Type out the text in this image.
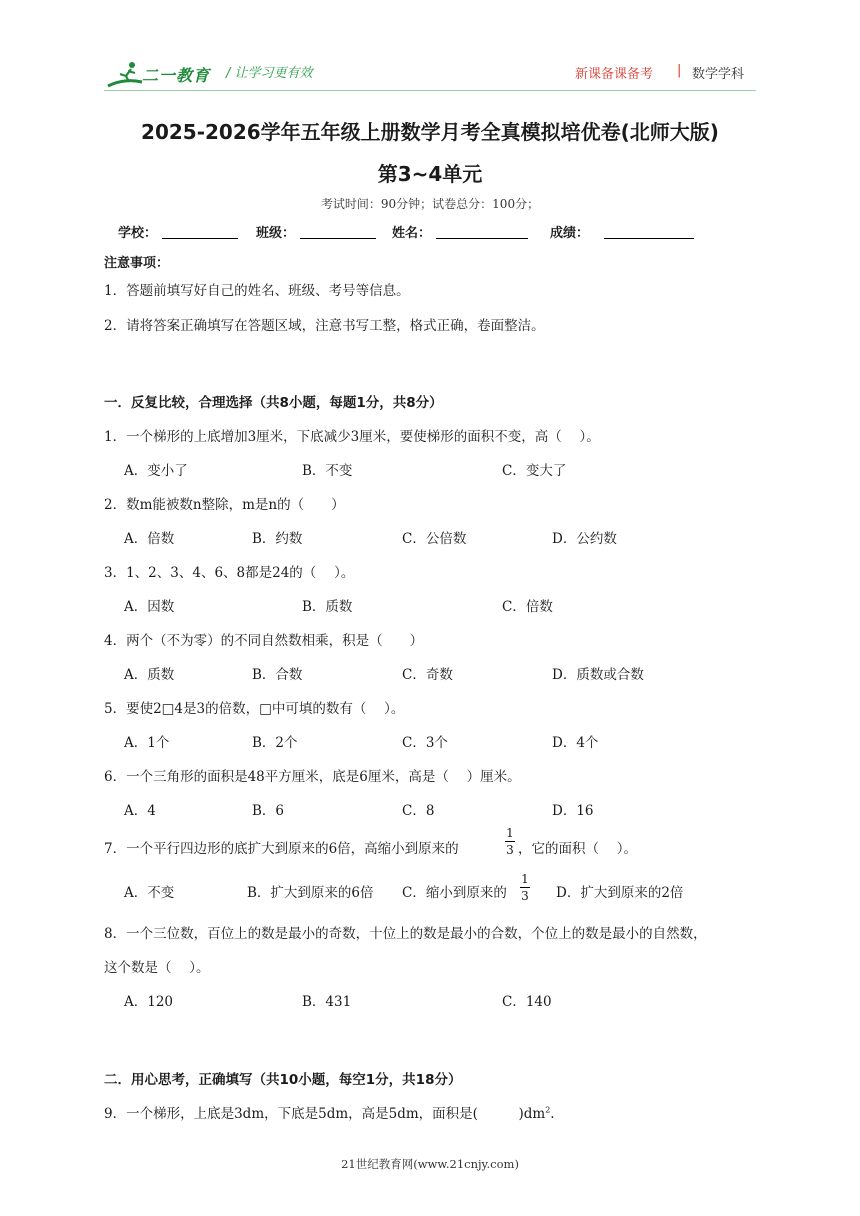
二一教育 / 让学习更有效	新课备课备考 | 数学学科
2025-2026学年五年级上册数学月考全真模拟培优卷(北师大版)
第3~4单元
考试时间：90分钟；试卷总分：100分；
学校：	班级：	姓名：	成绩：
注意事项：
1．答题前填写好自己的姓名、班级、考号等信息。
2．请将答案正确填写在答题区域，注意书写工整，格式正确，卷面整洁。
一．反复比较，合理选择（共8小题，每题1分，共8分）
1．一个梯形的上底增加3厘米，下底减少3厘米，要使梯形的面积不变，高（　 ）。
A．变小了	B．不变	C．变大了
2．数m能被数n整除，m是n的（　　）
A．倍数	B．约数	C．公倍数	D．公约数
3．1、2、3、4、6、8都是24的（　 ）。
A．因数	B．质数	C．倍数
4．两个（不为零）的不同自然数相乘，积是（　　）
A．质数	B．合数	C．奇数	D．质数或合数
5．要使2□4是3的倍数，□中可填的数有（　 ）。
A．1个	B．2个	C．3个	D．4个
6．一个三角形的面积是48平方厘米，底是6厘米，高是（　 ）厘米。
A．4	B．6	C．8	D．16
7．一个平行四边形的底扩大到原来的6倍，高缩小到原来的
1
3 ，它的面积（　 ）。
A．不变	B．扩大到原来的6倍 C．缩小到原来的
1
3 D．扩大到原来的2倍
8．一个三位数，百位上的数是最小的奇数，十位上的数是最小的合数，个位上的数是最小的自然数，
这个数是（　 ）。
A．120	B．431	C．140
二．用心思考，正确填写（共10小题，每空1分，共18分）
9．一个梯形，上底是3dm，下底是5dm，高是5dm，面积是(　　　)$dm^2$.
21世纪教育网(www.21cnjy.com)
